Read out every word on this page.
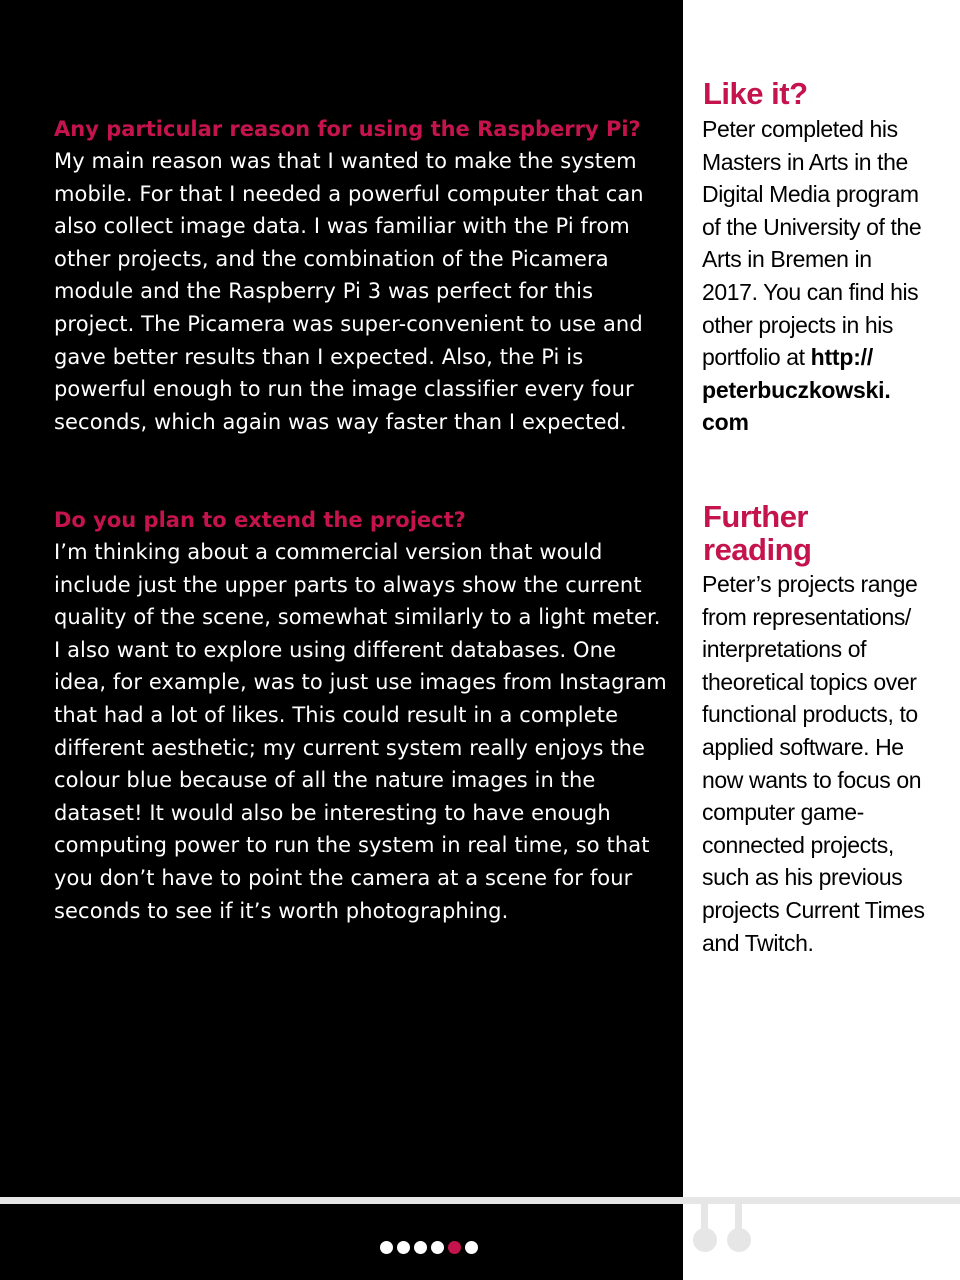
Any particular reason for using the Raspberry Pi?

My main reason was that I wanted to make the system mobile. For that I needed a powerful computer that can also collect image data. I was familiar with the Pi from other projects, and the combination of the Picamera module and the Raspberry Pi 3 was perfect for this project. The Picamera was super-convenient to use and gave better results than I expected. Also, the Pi is powerful enough to run the image classifier every four seconds, which again was way faster than I expected.

Do you plan to extend the project?

I’m thinking about a commercial version that would include just the upper parts to always show the current quality of the scene, somewhat similarly to a light meter. I also want to explore using different databases. One idea, for example, was to just use images from Instagram that had a lot of likes. This could result in a complete different aesthetic; my current system really enjoys the colour blue because of all the nature images in the dataset! It would also be interesting to have enough computing power to run the system in real time, so that you don’t have to point the camera at a scene for four seconds to see if it’s worth photographing.

Like it?

Peter completed his Masters in Arts in the Digital Media program of the University of the Arts in Bremen in 2017. You can find his other projects in his portfolio at http:// peterbuczkowski. com

Further reading

Peter’s projects range from representations/ interpretations of theoretical topics over functional products, to applied software. He now wants to focus on computer game-connected projects, such as his previous projects Current Times and Twitch.
